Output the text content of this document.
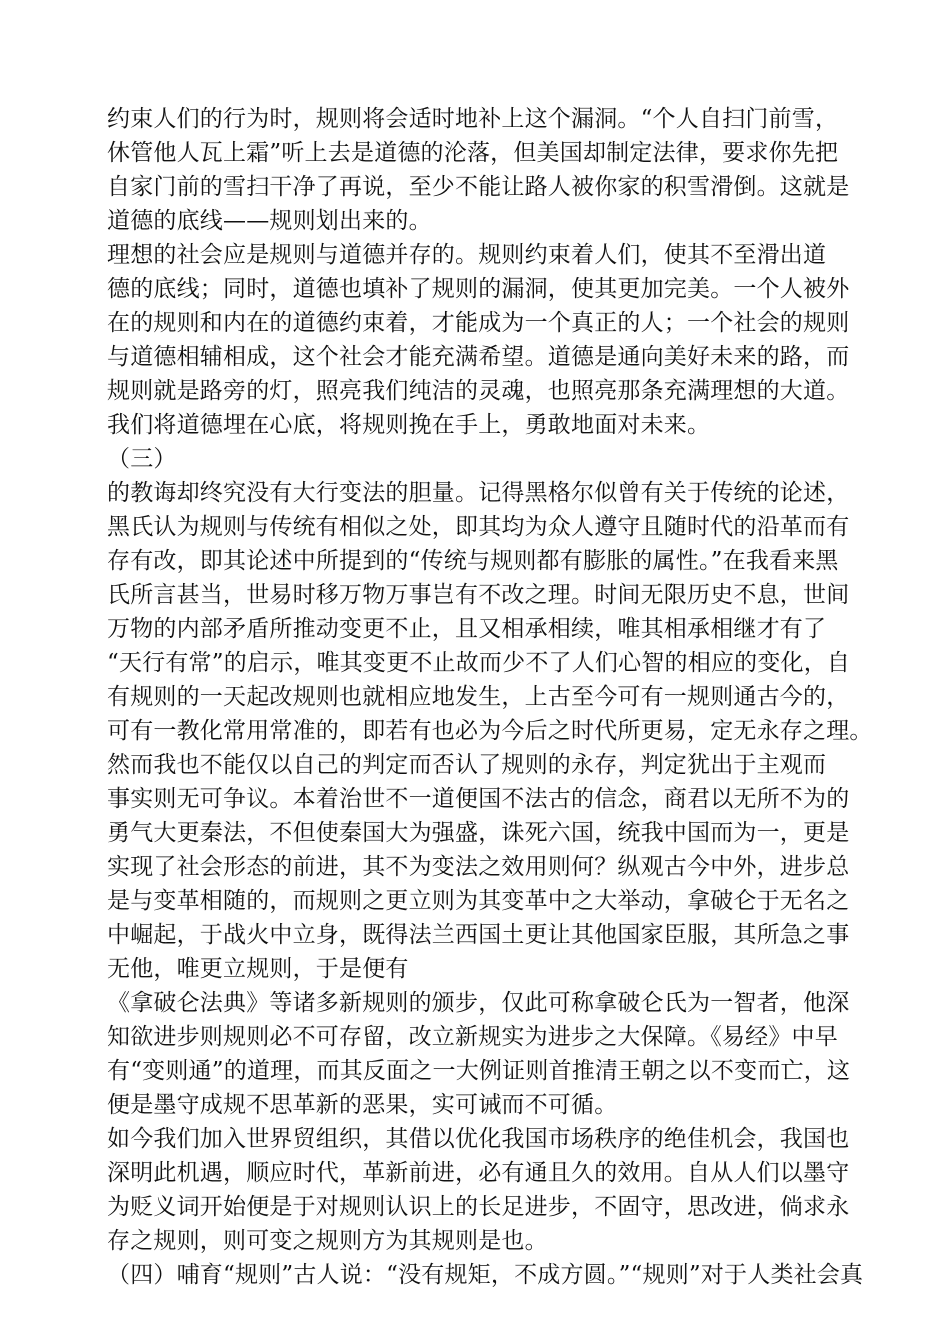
约束人们的行为时，规则将会适时地补上这个漏洞。“个人自扫门前雪，
休管他人瓦上霜”听上去是道德的沦落，但美国却制定法律，要求你先把
自家门前的雪扫干净了再说，至少不能让路人被你家的积雪滑倒。这就是
道德的底线——规则划出来的。
理想的社会应是规则与道德并存的。规则约束着人们，使其不至滑出道
德的底线；同时，道德也填补了规则的漏洞，使其更加完美。一个人被外
在的规则和内在的道德约束着，才能成为一个真正的人；一个社会的规则
与道德相辅相成，这个社会才能充满希望。道德是通向美好未来的路，而
规则就是路旁的灯，照亮我们纯洁的灵魂，也照亮那条充满理想的大道。
我们将道德埋在心底，将规则挽在手上，勇敢地面对未来。
（三）
的教诲却终究没有大行变法的胆量。记得黑格尔似曾有关于传统的论述，
黑氏认为规则与传统有相似之处，即其均为众人遵守且随时代的沿革而有
存有改，即其论述中所提到的“传统与规则都有膨胀的属性。”在我看来黑
氏所言甚当，世易时移万物万事岂有不改之理。时间无限历史不息，世间
万物的内部矛盾所推动变更不止，且又相承相续，唯其相承相继才有了
“天行有常”的启示，唯其变更不止故而少不了人们心智的相应的变化，自
有规则的一天起改规则也就相应地发生，上古至今可有一规则通古今的，
可有一教化常用常准的，即若有也必为今后之时代所更易，定无永存之理。
然而我也不能仅以自己的判定而否认了规则的永存，判定犹出于主观而
事实则无可争议。本着治世不一道便国不法古的信念，商君以无所不为的
勇气大更秦法，不但使秦国大为强盛，诛死六国，统我中国而为一，更是
实现了社会形态的前进，其不为变法之效用则何？纵观古今中外，进步总
是与变革相随的，而规则之更立则为其变革中之大举动，拿破仑于无名之
中崛起，于战火中立身，既得法兰西国土更让其他国家臣服，其所急之事
无他，唯更立规则，于是便有
《拿破仑法典》等诸多新规则的颁步，仅此可称拿破仑氏为一智者，他深
知欲进步则规则必不可存留，改立新规实为进步之大保障。《易经》中早
有“变则通”的道理，而其反面之一大例证则首推清王朝之以不变而亡，这
便是墨守成规不思革新的恶果，实可诫而不可循。
如今我们加入世界贸组织，其借以优化我国市场秩序的绝佳机会，我国也
深明此机遇，顺应时代，革新前进，必有通且久的效用。自从人们以墨守
为贬义词开始便是于对规则认识上的长足进步，不固守，思改进，倘求永
存之规则，则可变之规则方为其规则是也。
（四）哺育“规则”古人说：“没有规矩，不成方圆。”“规则”对于人类社会真
